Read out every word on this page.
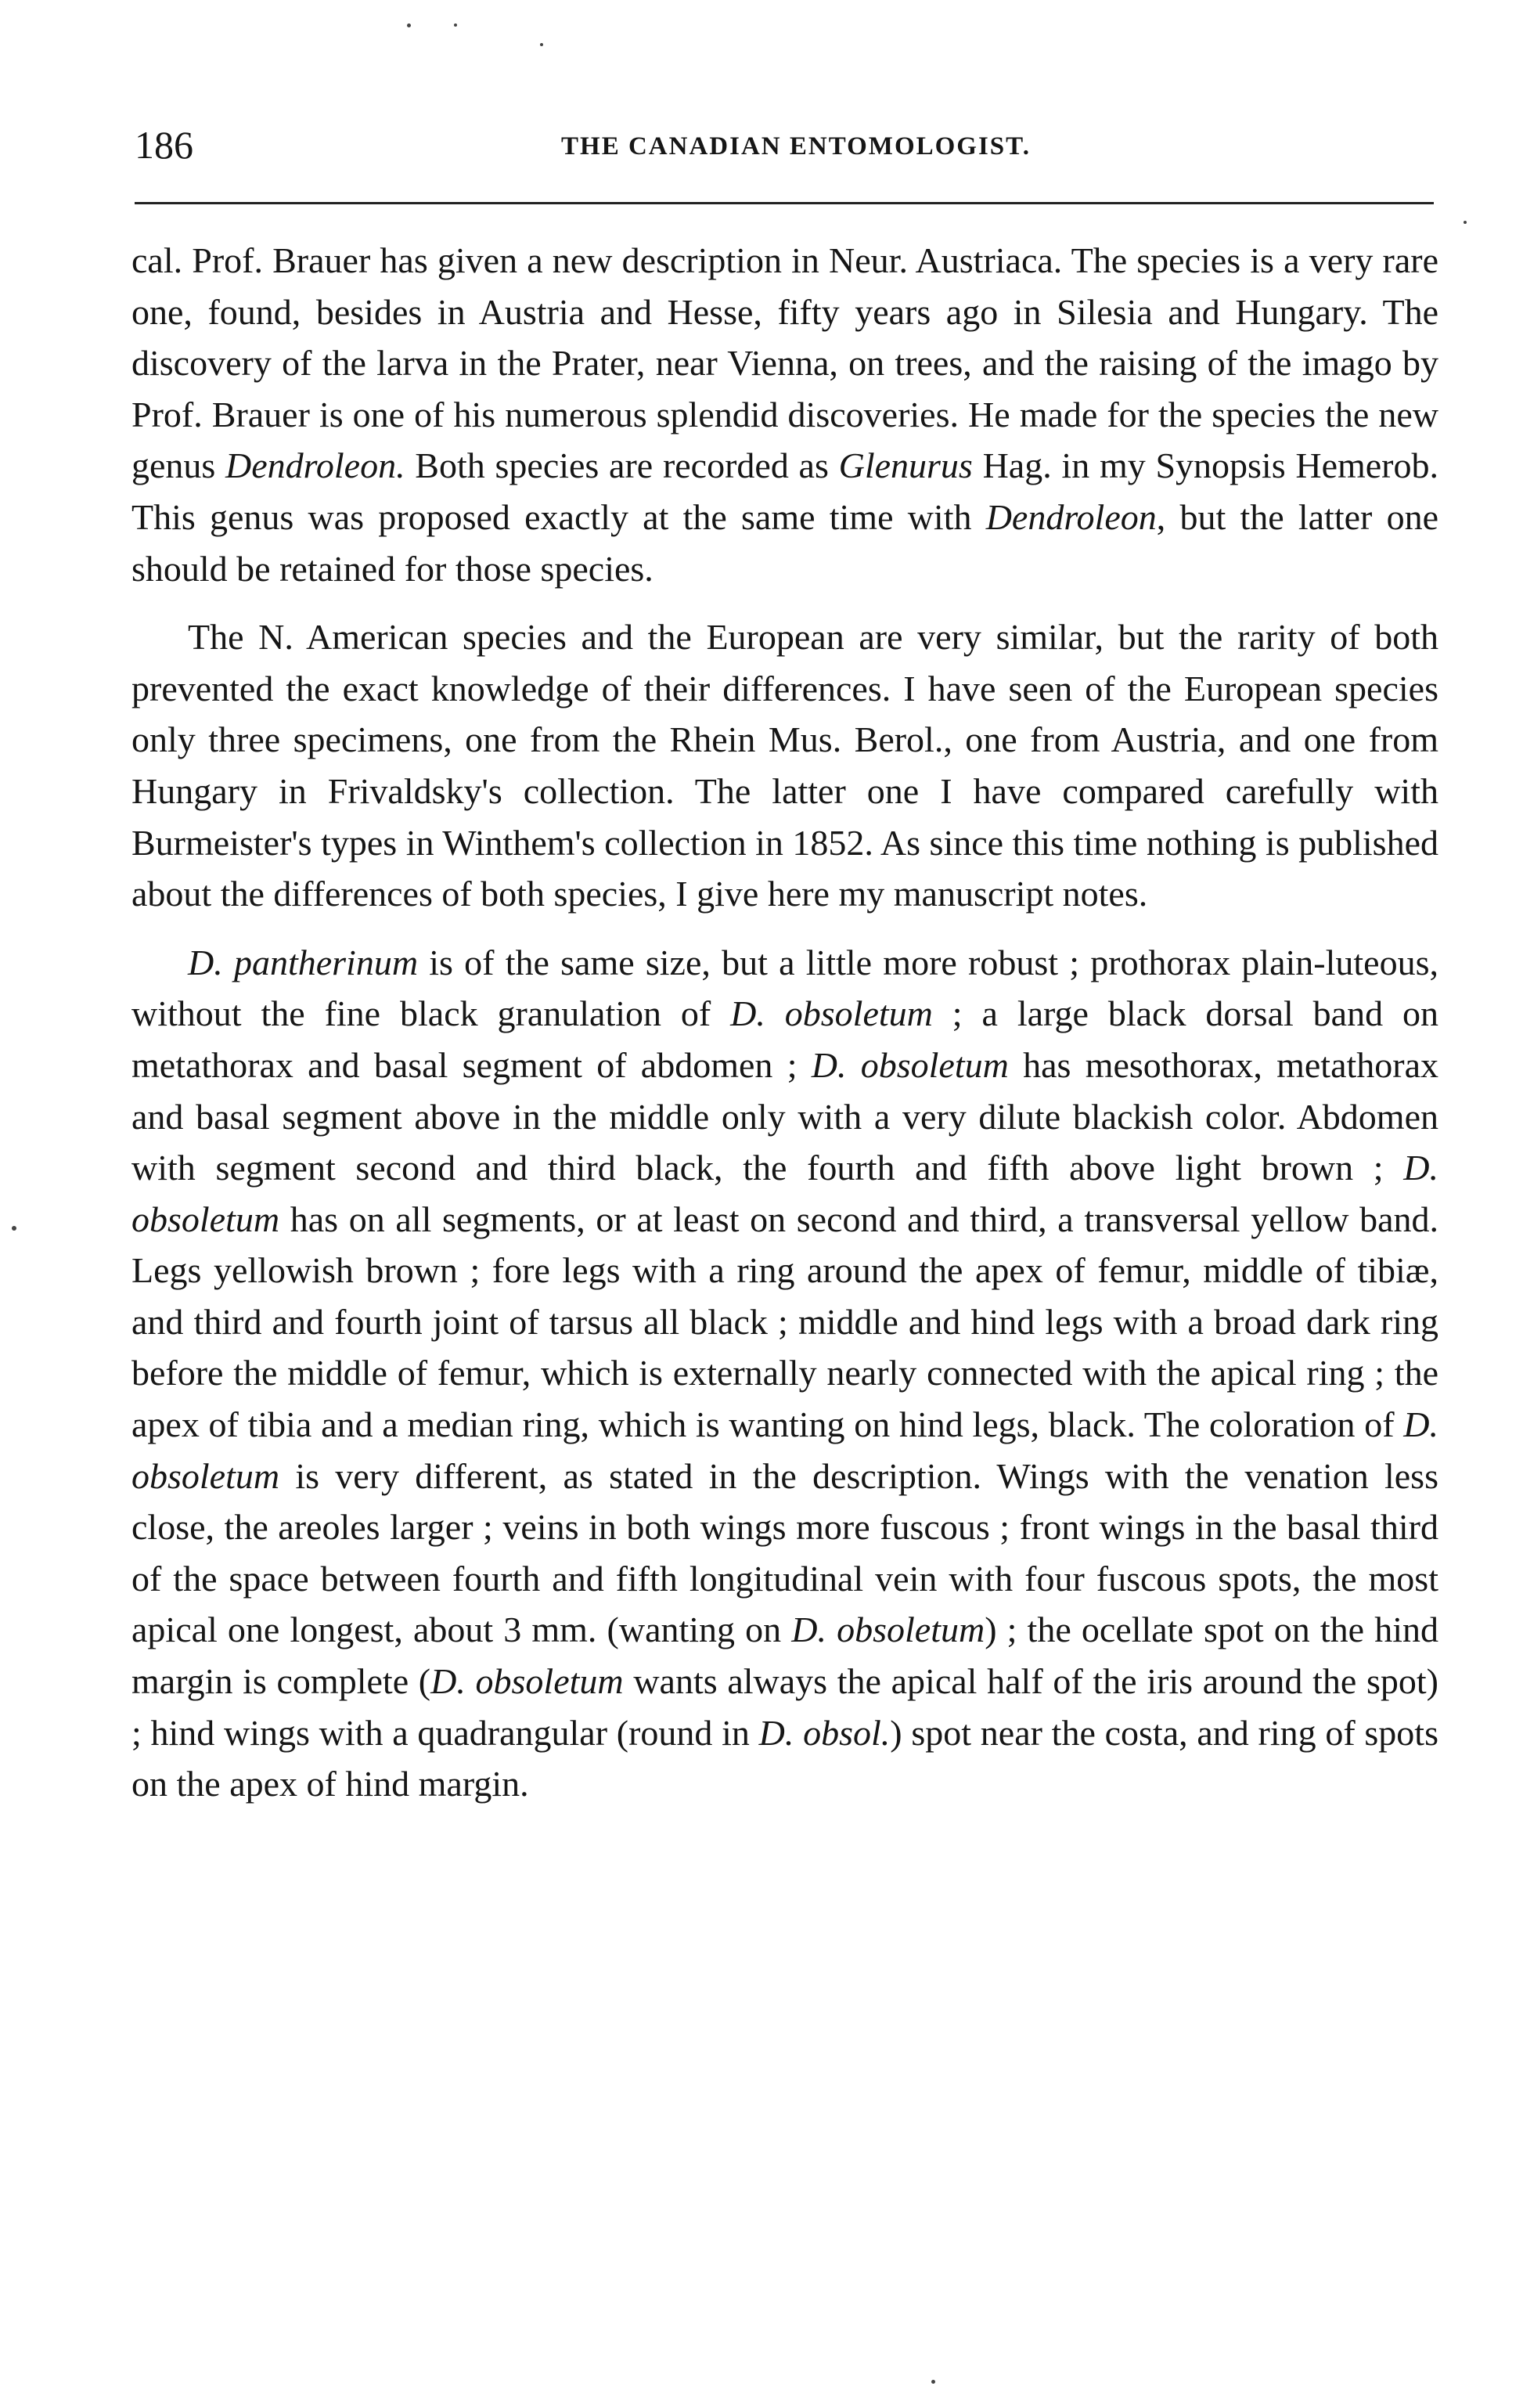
186	THE CANADIAN ENTOMOLOGIST.

cal. Prof. Brauer has given a new description in Neur. Austriaca. The species is a very rare one, found, besides in Austria and Hesse, fifty years ago in Silesia and Hungary. The discovery of the larva in the Prater, near Vienna, on trees, and the raising of the imago by Prof. Brauer is one of his numerous splendid discoveries. He made for the species the new genus Dendroleon. Both species are recorded as Glenurus Hag. in my Synopsis Hemerob. This genus was proposed exactly at the same time with Dendroleon, but the latter one should be retained for those species.

The N. American species and the European are very similar, but the rarity of both prevented the exact knowledge of their differences. I have seen of the European species only three specimens, one from the Rhein Mus. Berol., one from Austria, and one from Hungary in Frivaldsky's collection. The latter one I have compared carefully with Burmeister's types in Winthem's collection in 1852. As since this time nothing is published about the differences of both species, I give here my manuscript notes.

D. pantherinum is of the same size, but a little more robust ; prothorax plain-luteous, without the fine black granulation of D. obsoletum ; a large black dorsal band on metathorax and basal segment of abdomen ; D. obsoletum has mesothorax, metathorax and basal segment above in the middle only with a very dilute blackish color. Abdomen with segment second and third black, the fourth and fifth above light brown ; D. obsoletum has on all segments, or at least on second and third, a transversal yellow band. Legs yellowish brown ; fore legs with a ring around the apex of femur, middle of tibiæ, and third and fourth joint of tarsus all black ; middle and hind legs with a broad dark ring before the middle of femur, which is externally nearly connected with the apical ring ; the apex of tibia and a median ring, which is wanting on hind legs, black. The coloration of D. obsoletum is very different, as stated in the description. Wings with the venation less close, the areoles larger ; veins in both wings more fuscous ; front wings in the basal third of the space between fourth and fifth longitudinal vein with four fuscous spots, the most apical one longest, about 3 mm. (wanting on D. obsoletum) ; the ocellate spot on the hind margin is complete (D. obsoletum wants always the apical half of the iris around the spot) ; hind wings with a quadrangular (round in D. obsol.) spot near the costa, and ring of spots on the apex of hind margin.
